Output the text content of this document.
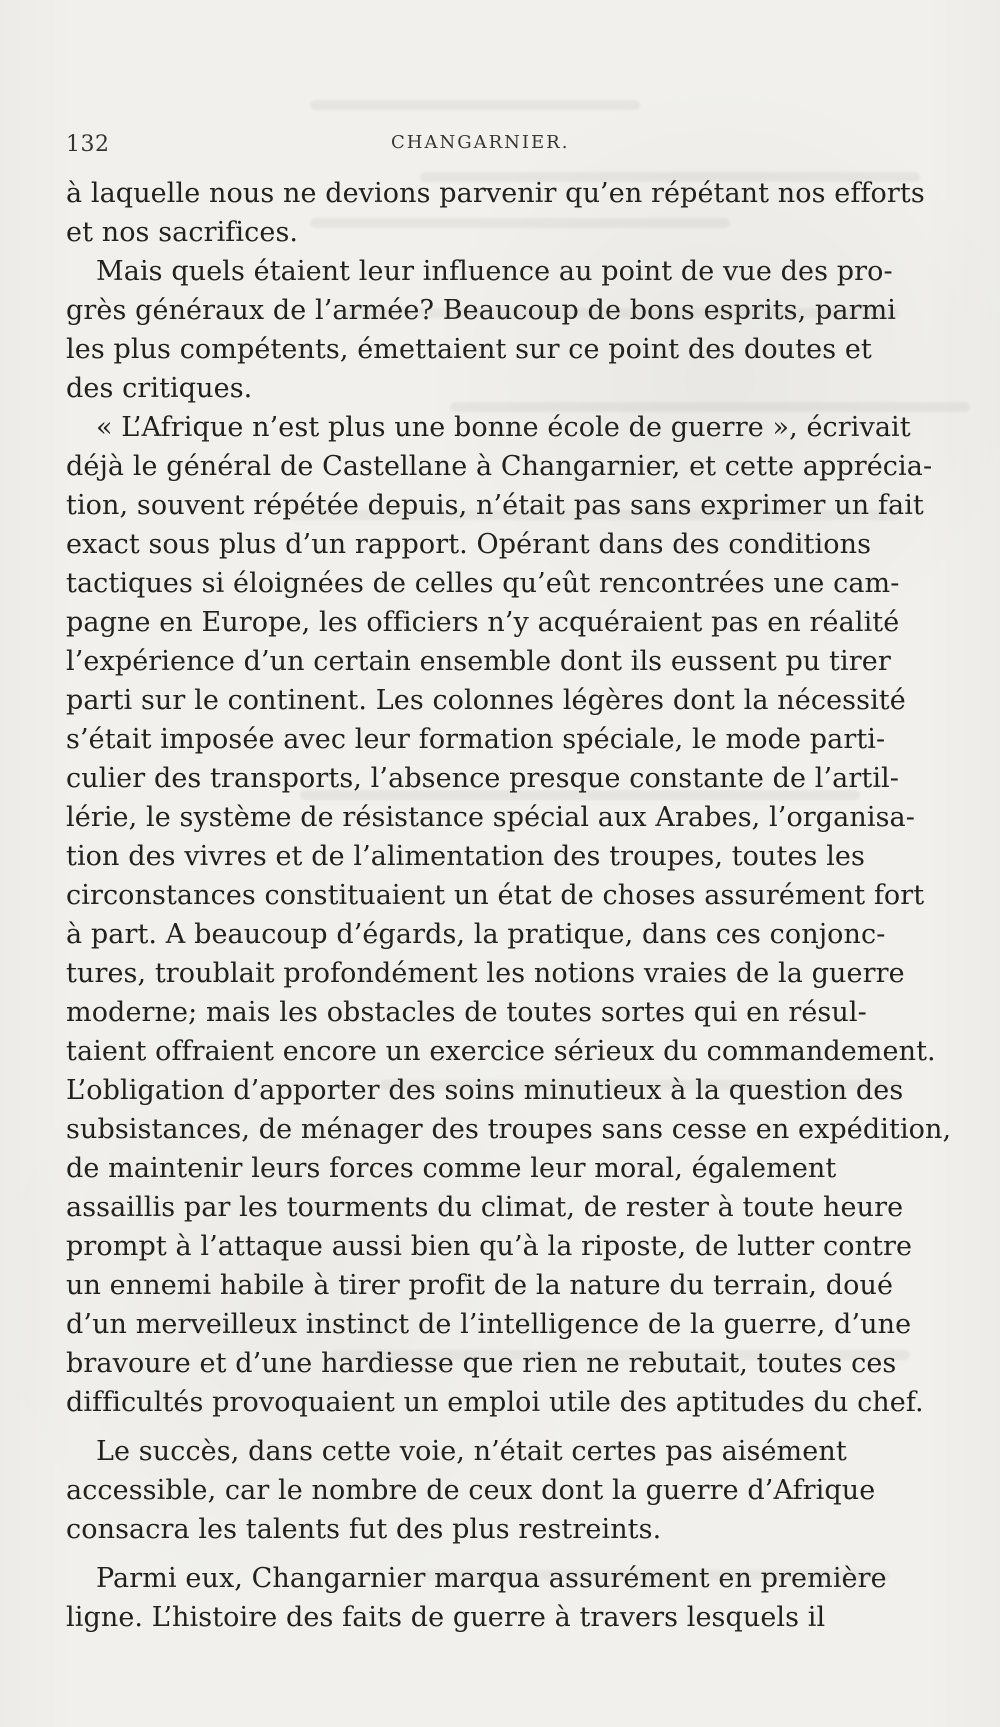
132	CHANGARNIER.
à laquelle nous ne devions parvenir qu’en répétant nos efforts
et nos sacrifices.
Mais quels étaient leur influence au point de vue des pro-
grès généraux de l’armée? Beaucoup de bons esprits, parmi
les plus compétents, émettaient sur ce point des doutes et
des critiques.
« L’Afrique n’est plus une bonne école de guerre », écrivait
déjà le général de Castellane à Changarnier, et cette apprécia-
tion, souvent répétée depuis, n’était pas sans exprimer un fait
exact sous plus d’un rapport. Opérant dans des conditions
tactiques si éloignées de celles qu’eût rencontrées une cam-
pagne en Europe, les officiers n’y acquéraient pas en réalité
l’expérience d’un certain ensemble dont ils eussent pu tirer
parti sur le continent. Les colonnes légères dont la nécessité
s’était imposée avec leur formation spéciale, le mode parti-
culier des transports, l’absence presque constante de l’artil-
lérie, le système de résistance spécial aux Arabes, l’organisa-
tion des vivres et de l’alimentation des troupes, toutes les
circonstances constituaient un état de choses assurément fort
à part. A beaucoup d’égards, la pratique, dans ces conjonc-
tures, troublait profondément les notions vraies de la guerre
moderne; mais les obstacles de toutes sortes qui en résul-
taient offraient encore un exercice sérieux du commandement.
L’obligation d’apporter des soins minutieux à la question des
subsistances, de ménager des troupes sans cesse en expédition,
de maintenir leurs forces comme leur moral, également
assaillis par les tourments du climat, de rester à toute heure
prompt à l’attaque aussi bien qu’à la riposte, de lutter contre
un ennemi habile à tirer profit de la nature du terrain, doué
d’un merveilleux instinct de l’intelligence de la guerre, d’une
bravoure et d’une hardiesse que rien ne rebutait, toutes ces
difficultés provoquaient un emploi utile des aptitudes du chef.
Le succès, dans cette voie, n’était certes pas aisément
accessible, car le nombre de ceux dont la guerre d’Afrique
consacra les talents fut des plus restreints.
Parmi eux, Changarnier marqua assurément en première
ligne. L’histoire des faits de guerre à travers lesquels il
